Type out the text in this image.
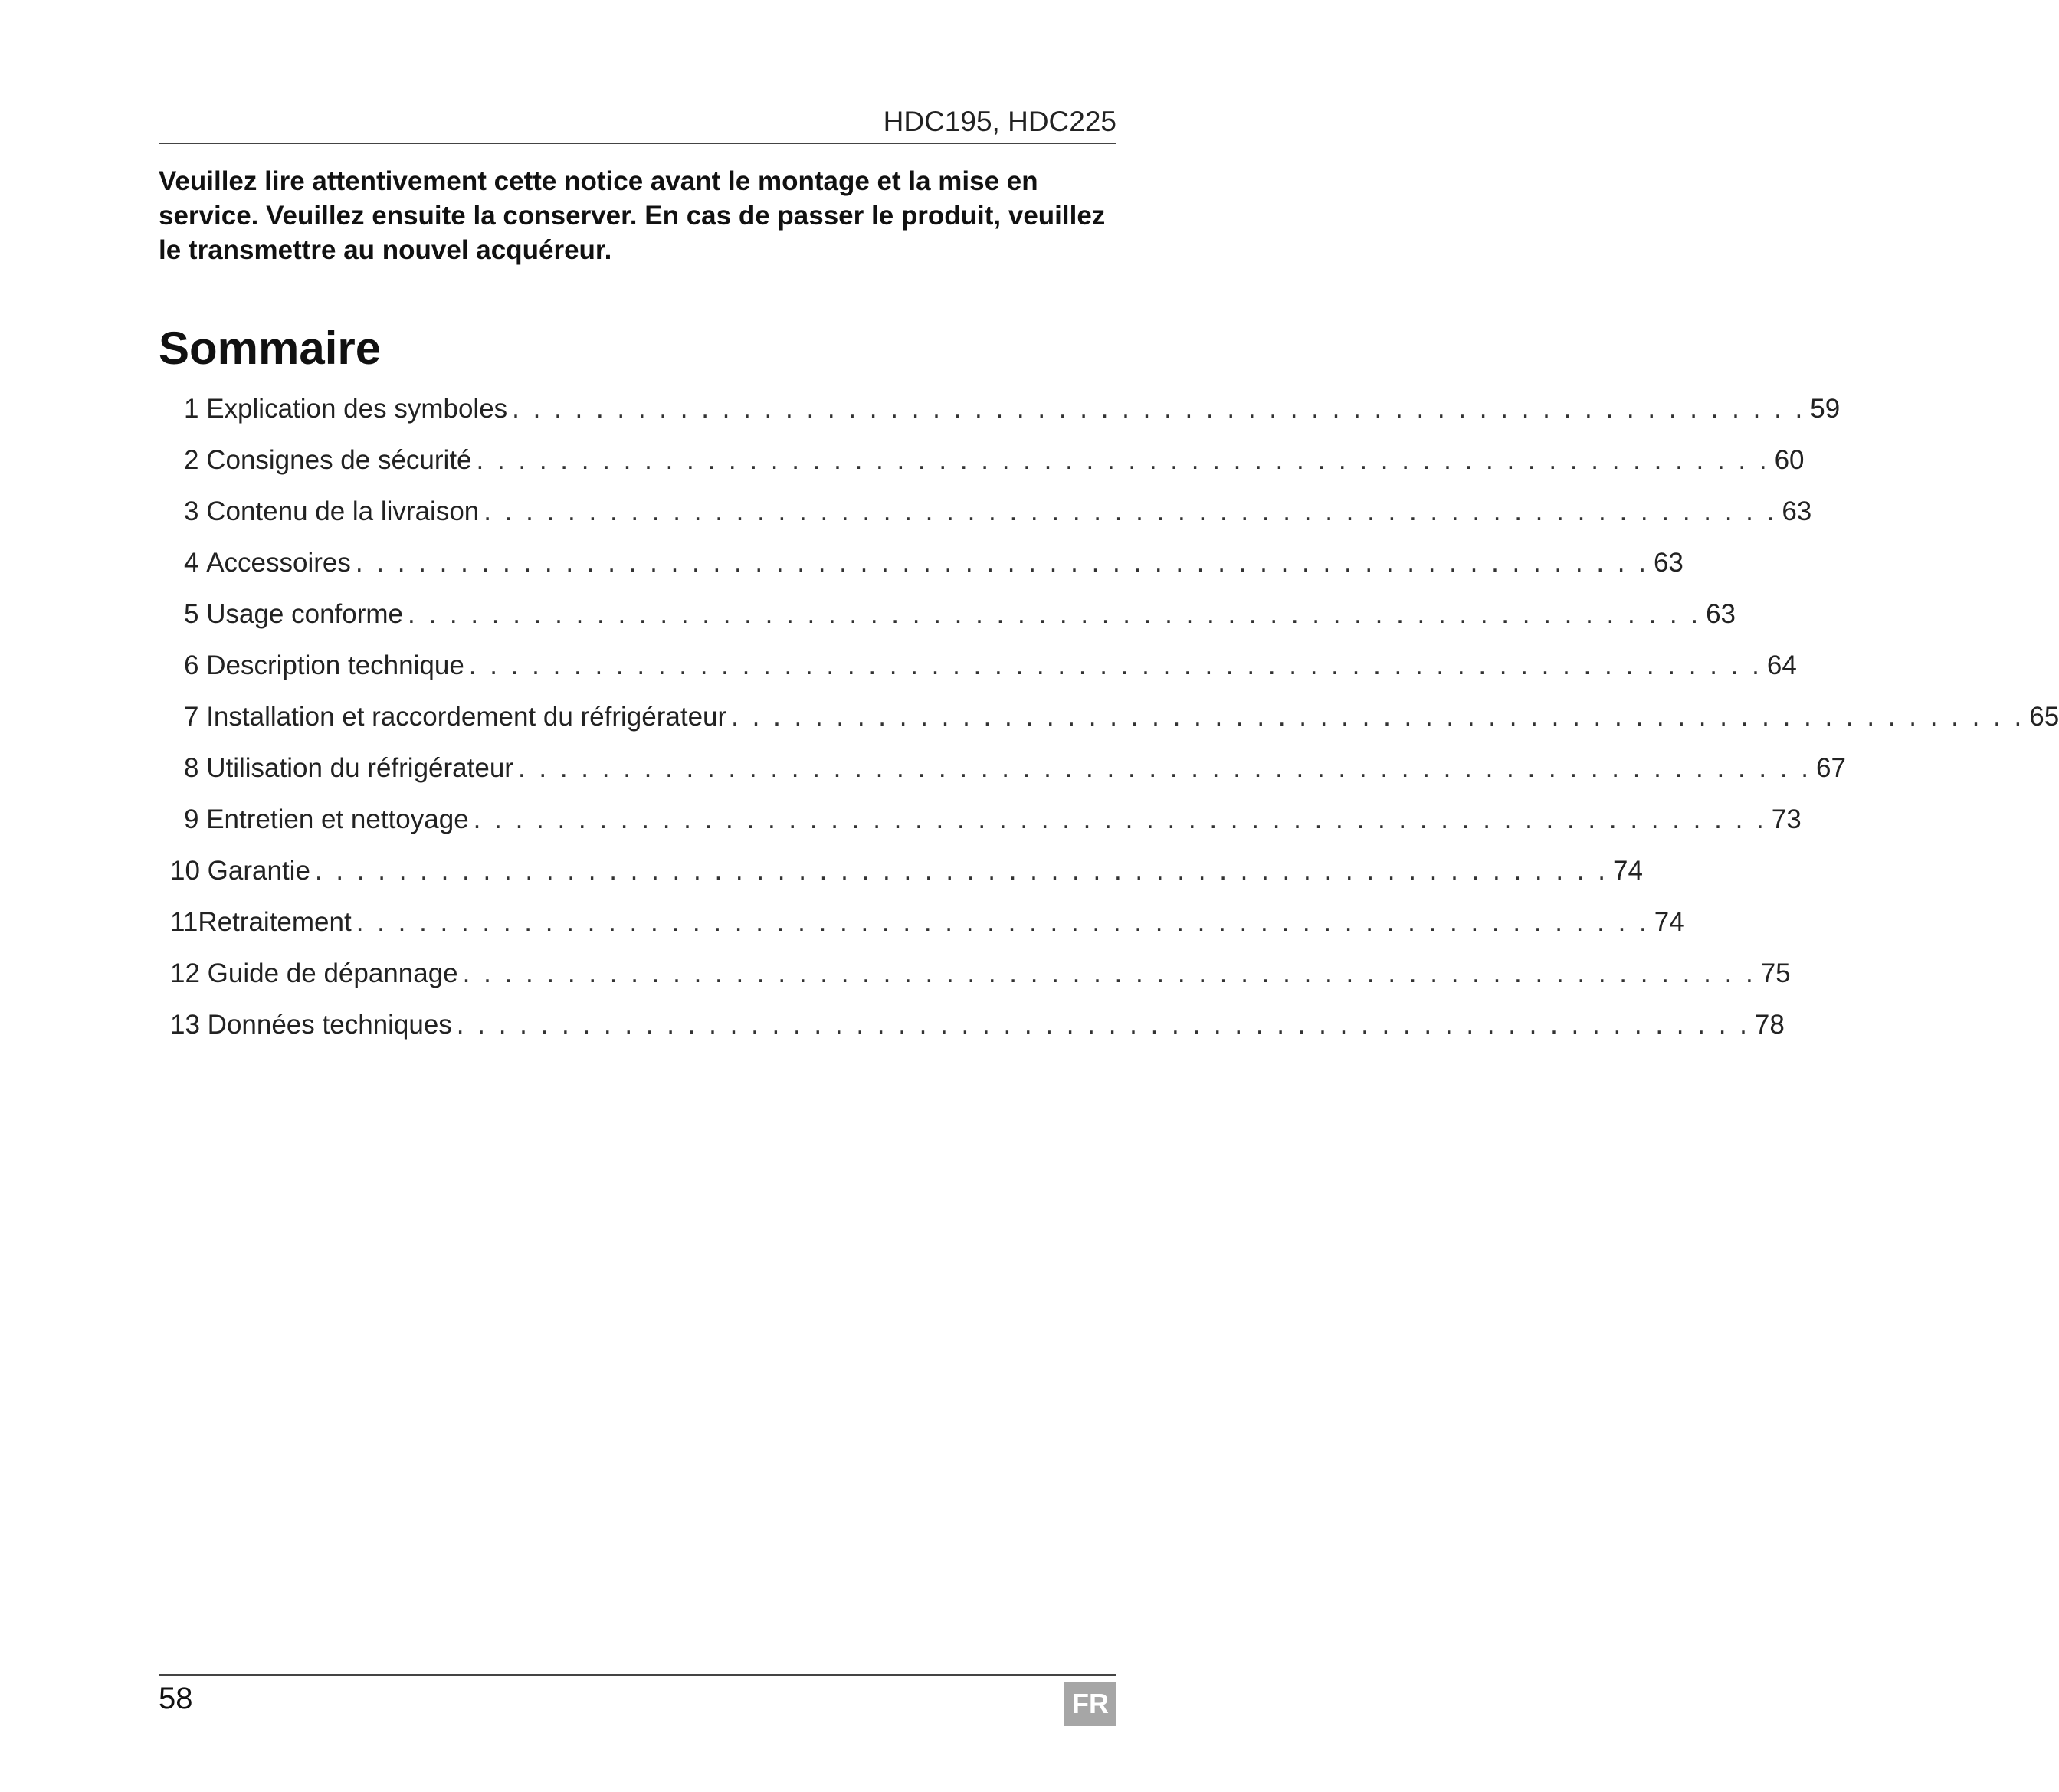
HDC195, HDC225
Veuillez lire attentivement cette notice avant le montage et la mise en service. Veuillez ensuite la conserver. En cas de passer le produit, veuillez le transmettre au nouvel acquéreur.
Sommaire
1
Explication des symboles . . . . . . . . . . . . . . . . . . . . . . . . . . . . . . . . . . . . . . . . . . . . . . . . . . . . . . . . . . . . . . 59
2
Consignes de sécurité . . . . . . . . . . . . . . . . . . . . . . . . . . . . . . . . . . . . . . . . . . . . . . . . . . . . . . . . . . . . . . 60
3
Contenu de la livraison . . . . . . . . . . . . . . . . . . . . . . . . . . . . . . . . . . . . . . . . . . . . . . . . . . . . . . . . . . . . . . 63
4
Accessoires . . . . . . . . . . . . . . . . . . . . . . . . . . . . . . . . . . . . . . . . . . . . . . . . . . . . . . . . . . . . . . 63
5
Usage conforme . . . . . . . . . . . . . . . . . . . . . . . . . . . . . . . . . . . . . . . . . . . . . . . . . . . . . . . . . . . . . . 63
6
Description technique . . . . . . . . . . . . . . . . . . . . . . . . . . . . . . . . . . . . . . . . . . . . . . . . . . . . . . . . . . . . . . 64
7
Installation et raccordement du réfrigérateur . . . . . . . . . . . . . . . . . . . . . . . . . . . . . . . . . . . . . . . . . . . . . . . . . . . . . . . . . . . . . . 65
8
Utilisation du réfrigérateur . . . . . . . . . . . . . . . . . . . . . . . . . . . . . . . . . . . . . . . . . . . . . . . . . . . . . . . . . . . . . . 67
9
Entretien et nettoyage . . . . . . . . . . . . . . . . . . . . . . . . . . . . . . . . . . . . . . . . . . . . . . . . . . . . . . . . . . . . . . 73
10
Garantie . . . . . . . . . . . . . . . . . . . . . . . . . . . . . . . . . . . . . . . . . . . . . . . . . . . . . . . . . . . . . . 74
11 Retraitement . . . . . . . . . . . . . . . . . . . . . . . . . . . . . . . . . . . . . . . . . . . . . . . . . . . . . . . . . . . . . . 74
12
Guide de dépannage . . . . . . . . . . . . . . . . . . . . . . . . . . . . . . . . . . . . . . . . . . . . . . . . . . . . . . . . . . . . . . 75
13
Données techniques . . . . . . . . . . . . . . . . . . . . . . . . . . . . . . . . . . . . . . . . . . . . . . . . . . . . . . . . . . . . . . 78
58	FR
